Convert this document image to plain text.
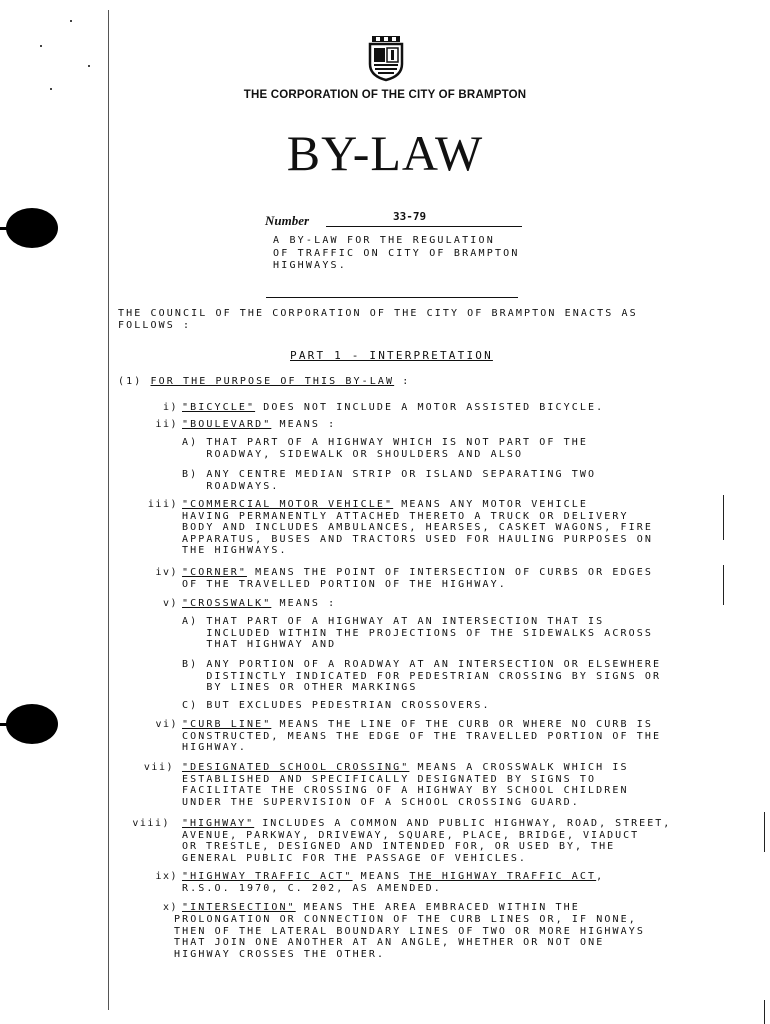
THE CORPORATION OF THE CITY OF BRAMPTON
BY-LAW
Number	33-79
A BY-LAW FOR THE REGULATION
OF TRAFFIC ON CITY OF BRAMPTON
HIGHWAYS.
THE COUNCIL OF THE CORPORATION OF THE CITY OF BRAMPTON ENACTS AS
FOLLOWS :
PART 1 - INTERPRETATION
(1) FOR THE PURPOSE OF THIS BY-LAW :
i) "BICYCLE" DOES NOT INCLUDE A MOTOR ASSISTED BICYCLE.
ii) "BOULEVARD" MEANS :
A) THAT PART OF A HIGHWAY WHICH IS NOT PART OF THE
ROADWAY, SIDEWALK OR SHOULDERS AND ALSO
B) ANY CENTRE MEDIAN STRIP OR ISLAND SEPARATING TWO
ROADWAYS.
iii) "COMMERCIAL MOTOR VEHICLE" MEANS ANY MOTOR VEHICLE
HAVING PERMANENTLY ATTACHED THERETO A TRUCK OR DELIVERY
BODY AND INCLUDES AMBULANCES, HEARSES, CASKET WAGONS, FIRE
APPARATUS, BUSES AND TRACTORS USED FOR HAULING PURPOSES ON
THE HIGHWAYS.
iv) "CORNER" MEANS THE POINT OF INTERSECTION OF CURBS OR EDGES
OF THE TRAVELLED PORTION OF THE HIGHWAY.
v) "CROSSWALK" MEANS :
A) THAT PART OF A HIGHWAY AT AN INTERSECTION THAT IS
INCLUDED WITHIN THE PROJECTIONS OF THE SIDEWALKS ACROSS
THAT HIGHWAY AND
B) ANY PORTION OF A ROADWAY AT AN INTERSECTION OR ELSEWHERE
DISTINCTLY INDICATED FOR PEDESTRIAN CROSSING BY SIGNS OR
BY LINES OR OTHER MARKINGS
C) BUT EXCLUDES PEDESTRIAN CROSSOVERS.
vi) "CURB LINE" MEANS THE LINE OF THE CURB OR WHERE NO CURB IS
CONSTRUCTED, MEANS THE EDGE OF THE TRAVELLED PORTION OF THE
HIGHWAY.
vii) "DESIGNATED SCHOOL CROSSING" MEANS A CROSSWALK WHICH IS
ESTABLISHED AND SPECIFICALLY DESIGNATED BY SIGNS TO
FACILITATE THE CROSSING OF A HIGHWAY BY SCHOOL CHILDREN
UNDER THE SUPERVISION OF A SCHOOL CROSSING GUARD.
viii) "HIGHWAY" INCLUDES A COMMON AND PUBLIC HIGHWAY, ROAD, STREET,
AVENUE, PARKWAY, DRIVEWAY, SQUARE, PLACE, BRIDGE, VIADUCT
OR TRESTLE, DESIGNED AND INTENDED FOR, OR USED BY, THE
GENERAL PUBLIC FOR THE PASSAGE OF VEHICLES.
ix) "HIGHWAY TRAFFIC ACT" MEANS THE HIGHWAY TRAFFIC ACT,
R.S.O. 1970, C. 202, AS AMENDED.
x) "INTERSECTION" MEANS THE AREA EMBRACED WITHIN THE
PROLONGATION OR CONNECTION OF THE CURB LINES OR, IF NONE,
THEN OF THE LATERAL BOUNDARY LINES OF TWO OR MORE HIGHWAYS
THAT JOIN ONE ANOTHER AT AN ANGLE, WHETHER OR NOT ONE
HIGHWAY CROSSES THE OTHER.
